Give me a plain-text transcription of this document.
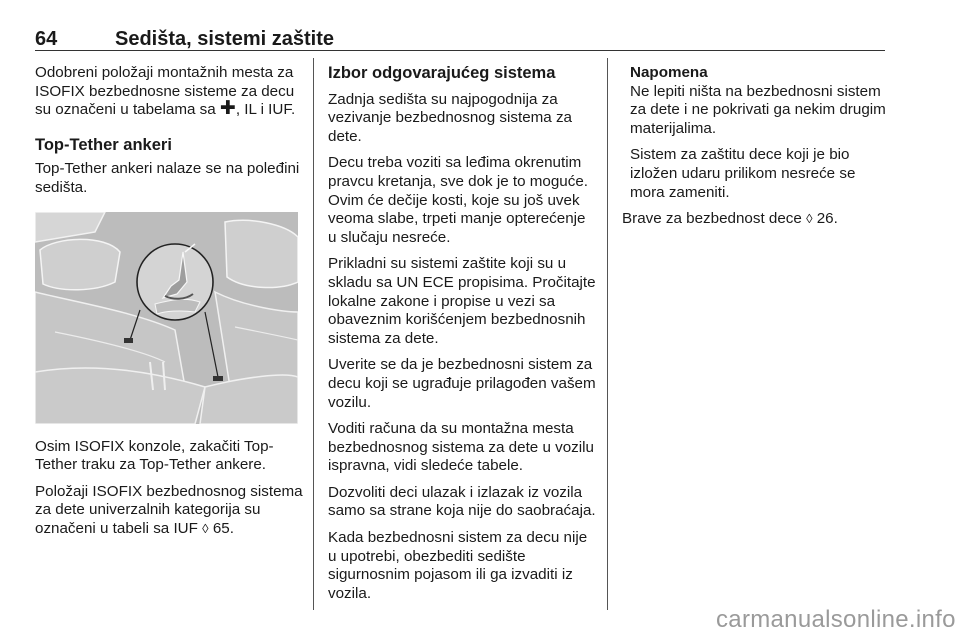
64	Sedišta, sistemi zaštite

Odobreni položaji montažnih mesta za ISOFIX bezbednosne sisteme za decu su označeni u tabelama sa ✚, IL i IUF.

Top-Tether ankeri

Top-Tether ankeri nalaze se na poleđini sedišta.

Osim ISOFIX konzole, zakačiti Top-Tether traku za Top-Tether ankere.

Položaji ISOFIX bezbednosnog sistema za dete univerzalnih kategorija su označeni u tabeli sa IUF ◊ 65.

Izbor odgovarajućeg sistema

Zadnja sedišta su najpogodnija za vezivanje bezbednosnog sistema za dete.

Decu treba voziti sa leđima okrenutim pravcu kretanja, sve dok je to moguće. Ovim će dečije kosti, koje su još uvek veoma slabe, trpeti manje opterećenje u slučaju nesreće.

Prikladni su sistemi zaštite koji su u skladu sa UN ECE propisima. Pročitajte lokalne zakone i propise u vezi sa obaveznim korišćenjem bezbednosnih sistema za dete.

Uverite se da je bezbednosni sistem za decu koji se ugrađuje prilagođen vašem vozilu.

Voditi računa da su montažna mesta bezbednosnog sistema za dete u vozilu ispravna, vidi sledeće tabele.

Dozvoliti deci ulazak i izlazak iz vozila samo sa strane koja nije do saobraćaja.

Kada bezbednosni sistem za decu nije u upotrebi, obezbediti sedište sigurnosnim pojasom ili ga izvaditi iz vozila.

Napomena

Ne lepiti ništa na bezbednosni sistem za dete i ne pokrivati ga nekim drugim materijalima.

Sistem za zaštitu dece koji je bio izložen udaru prilikom nesreće se mora zameniti.

Brave za bezbednost dece ◊ 26.

carmanualsonline.info
